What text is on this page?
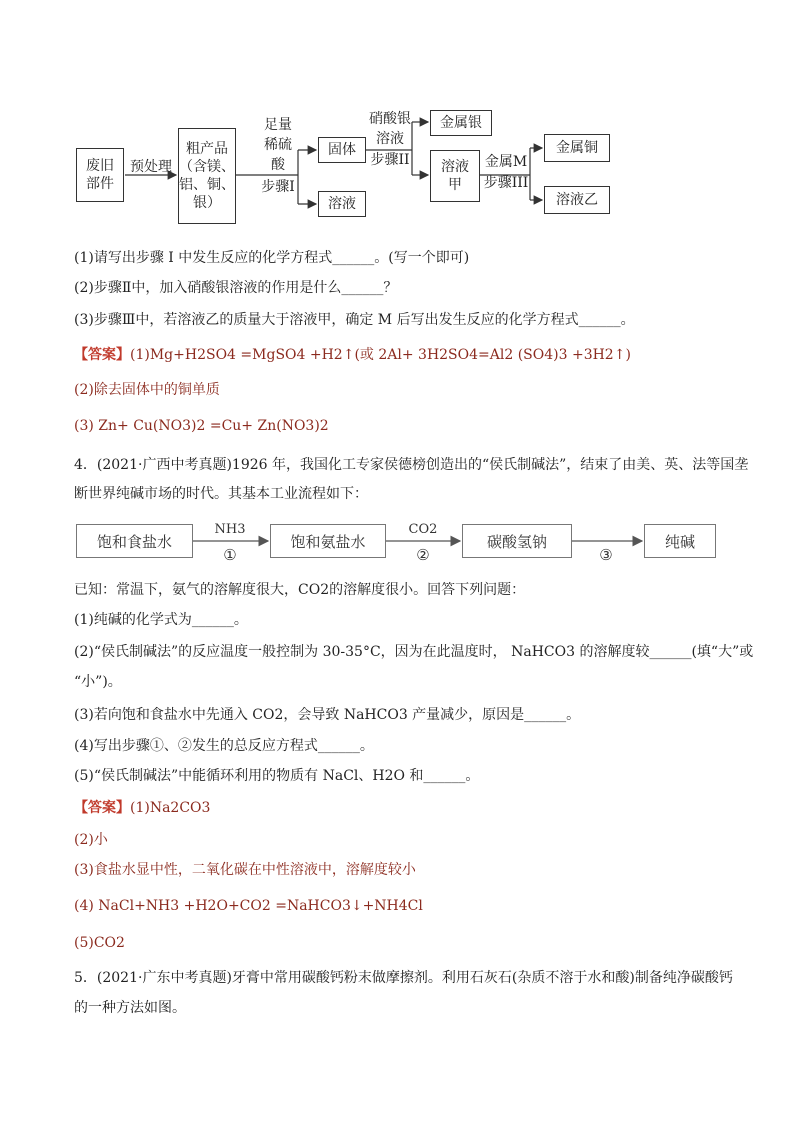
废旧
部件
预处理
粗产品
（含镁、
铝、铜、
银）
足量
稀硫
酸
步骤I
固体
溶液
硝酸银
溶液
步骤II
金属银
溶液
甲
金属M
步骤III
金属铜
溶液乙
(1)请写出步骤 I 中发生反应的化学方程式______。(写一个即可)
(2)步骤Ⅱ中，加入硝酸银溶液的作用是什么______？
(3)步骤Ⅲ中，若溶液乙的质量大于溶液甲，确定 M 后写出发生反应的化学方程式______。
【答案】(1)Mg+H2SO4 =MgSO4 +H2↑(或 2Al+ 3H2SO4=Al2 (SO4)3 +3H2↑)
(2)除去固体中的铜单质
(3) Zn+ Cu(NO3)2 =Cu+ Zn(NO3)2
4．(2021·广西中考真题)1926 年，我国化工专家侯德榜创造出的“侯氏制碱法”，结束了由美、英、法等国垄
断世界纯碱市场的时代。其基本工业流程如下：
饱和食盐水
NH3
①
饱和氨盐水
CO2
②
碳酸氢钠
③
纯碱
已知：常温下，氨气的溶解度很大，CO2的溶解度很小。回答下列问题：
(1)纯碱的化学式为______。
(2)“侯氏制碱法”的反应温度一般控制为 30-35°C，因为在此温度时， NaHCO3 的溶解度较______(填“大”或
“小”)。
(3)若向饱和食盐水中先通入 CO2，会导致 NaHCO3 产量减少，原因是______。
(4)写出步骤①、②发生的总反应方程式______。
(5)“侯氏制碱法”中能循环利用的物质有 NaCl、H2O 和______。
【答案】(1)Na2CO3
(2)小
(3)食盐水显中性，二氧化碳在中性溶液中，溶解度较小
(4) NaCl+NH3 +H2O+CO2 =NaHCO3↓+NH4Cl
(5)CO2
5．(2021·广东中考真题)牙膏中常用碳酸钙粉末做摩擦剂。利用石灰石(杂质不溶于水和酸)制备纯净碳酸钙
的一种方法如图。
